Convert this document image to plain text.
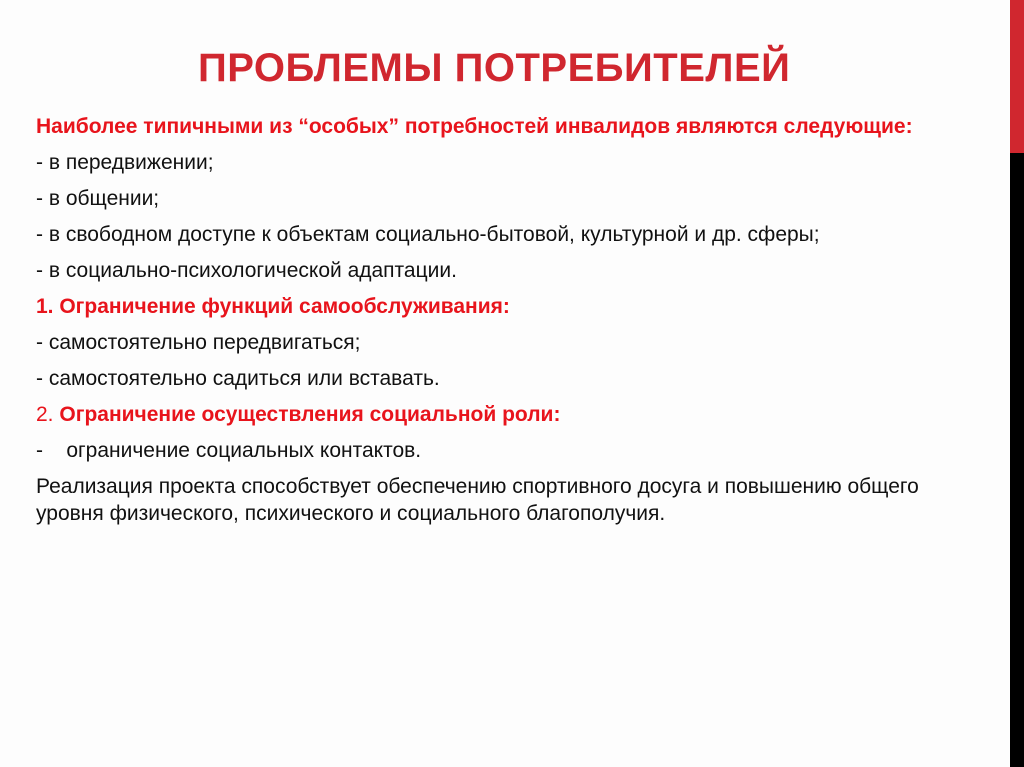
ПРОБЛЕМЫ ПОТРЕБИТЕЛЕЙ

Наиболее типичными из “особых” потребностей инвалидов являются следующие:

- в передвижении;

- в общении;

- в свободном доступе к объектам социально-бытовой, культурной и др. сферы;

- в социально-психологической адаптации.

1. Ограничение функций самообслуживания:

- самостоятельно передвигаться;

- самостоятельно садиться или вставать.

2. Ограничение осуществления социальной роли:

-    ограничение социальных контактов.

Реализация проекта способствует обеспечению спортивного досуга и повышению общего уровня физического, психического и социального благополучия.
